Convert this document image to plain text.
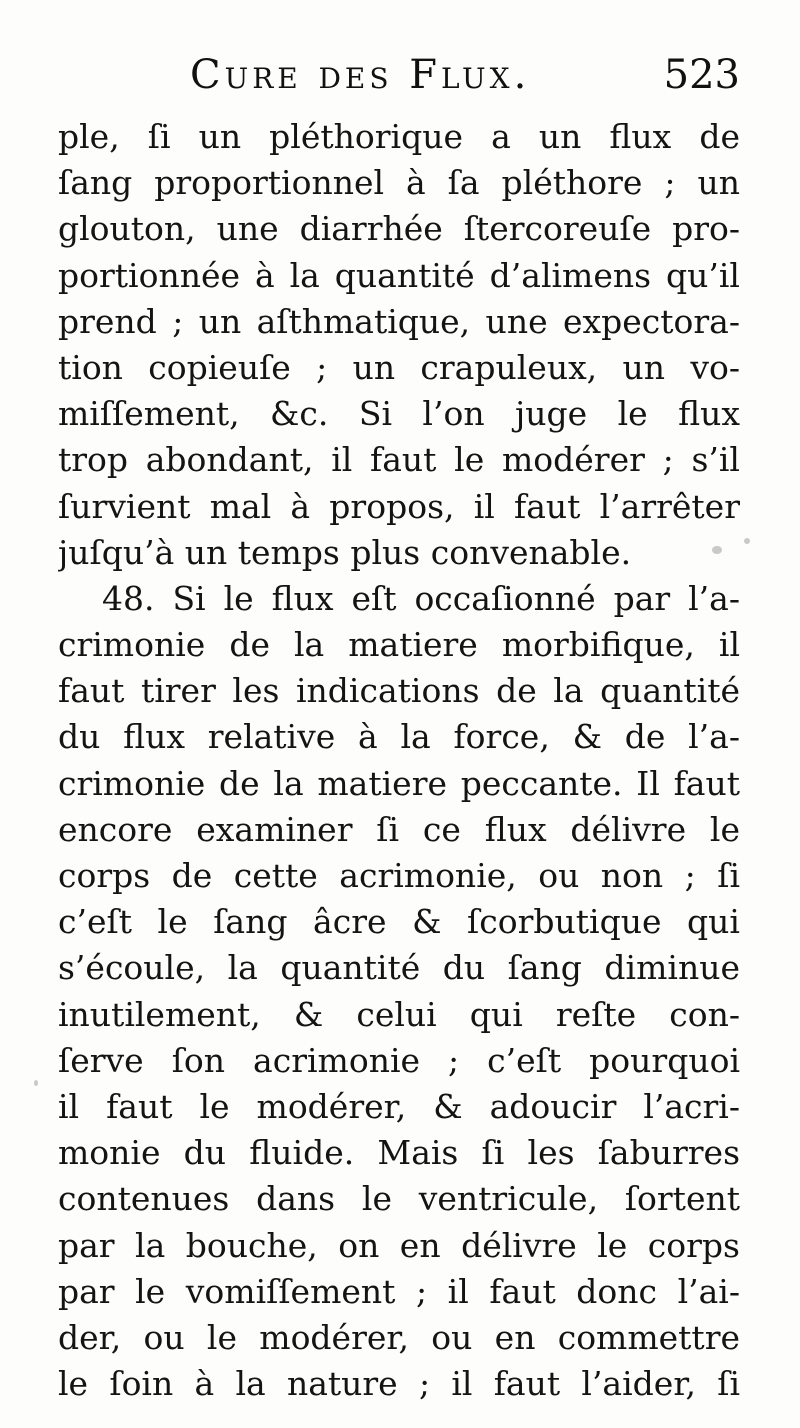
Cure des Flux.	523
ple, ſi un pléthorique a un flux de
ſang proportionnel à ſa pléthore ; un
glouton, une diarrhée ſtercoreuſe pro-
portionnée à la quantité d’alimens qu’il
prend ; un aſthmatique, une expectora-
tion copieuſe ; un crapuleux, un vo-
miſſement, &c. Si l’on juge le flux
trop abondant, il faut le modérer ; s’il
ſurvient mal à propos, il faut l’arrêter
juſqu’à un temps plus convenable.
48. Si le flux eſt occaſionné par l’a-
crimonie de la matiere morbifique, il
faut tirer les indications de la quantité
du flux relative à la force, & de l’a-
crimonie de la matiere peccante. Il faut
encore examiner ſi ce flux délivre le
corps de cette acrimonie, ou non ; ſi
c’eſt le ſang âcre & ſcorbutique qui
s’écoule, la quantité du ſang diminue
inutilement, & celui qui reſte con-
ſerve ſon acrimonie ; c’eſt pourquoi
il faut le modérer, & adoucir l’acri-
monie du fluide. Mais ſi les ſaburres
contenues dans le ventricule, ſortent
par la bouche, on en délivre le corps
par le vomiſſement ; il faut donc l’ai-
der, ou le modérer, ou en commettre
le ſoin à la nature ; il faut l’aider, ſi
